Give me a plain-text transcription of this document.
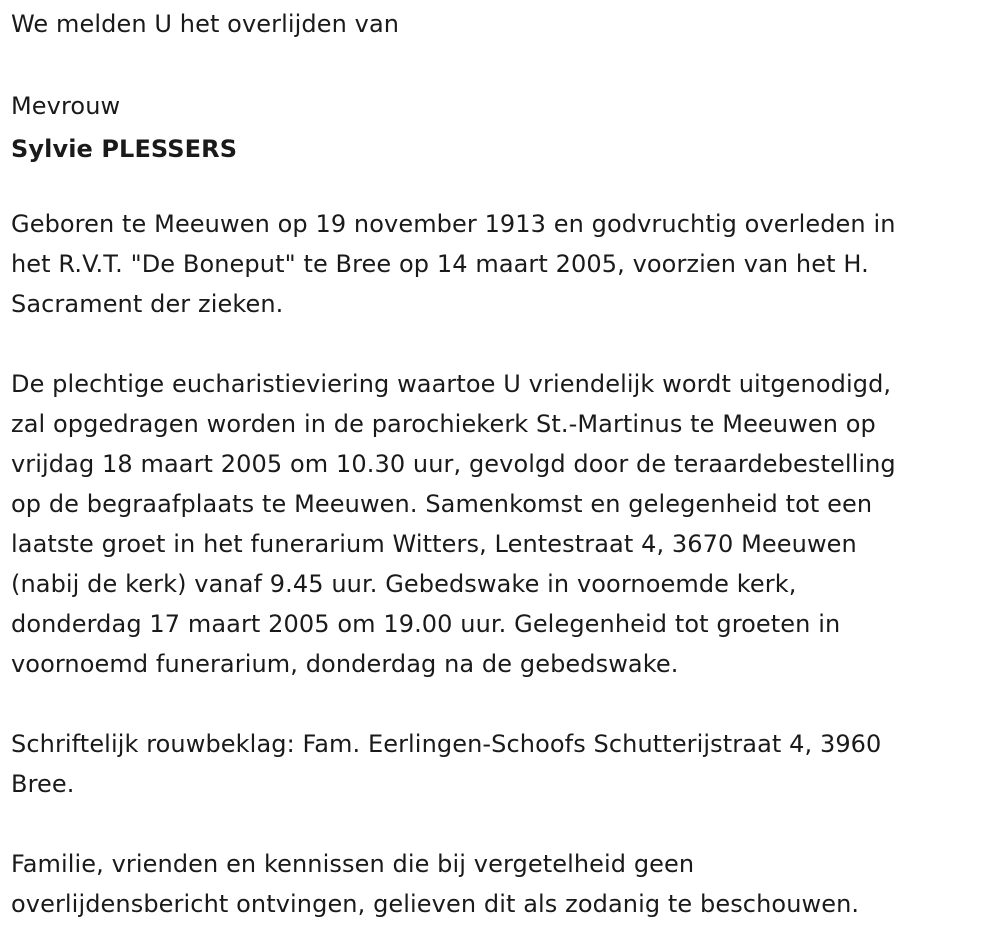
We melden U het overlijden van
Mevrouw
Sylvie PLESSERS
Geboren te Meeuwen op 19 november 1913 en godvruchtig overleden in
het R.V.T. "De Boneput" te Bree op 14 maart 2005, voorzien van het H.
Sacrament der zieken.
De plechtige eucharistieviering waartoe U vriendelijk wordt uitgenodigd,
zal opgedragen worden in de parochiekerk St.-Martinus te Meeuwen op
vrijdag 18 maart 2005 om 10.30 uur, gevolgd door de teraardebestelling
op de begraafplaats te Meeuwen. Samenkomst en gelegenheid tot een
laatste groet in het funerarium Witters, Lentestraat 4, 3670 Meeuwen
(nabij de kerk) vanaf 9.45 uur. Gebedswake in voornoemde kerk,
donderdag 17 maart 2005 om 19.00 uur. Gelegenheid tot groeten in
voornoemd funerarium, donderdag na de gebedswake.
Schriftelijk rouwbeklag: Fam. Eerlingen-Schoofs Schutterijstraat 4, 3960
Bree.
Familie, vrienden en kennissen die bij vergetelheid geen
overlijdensbericht ontvingen, gelieven dit als zodanig te beschouwen.
